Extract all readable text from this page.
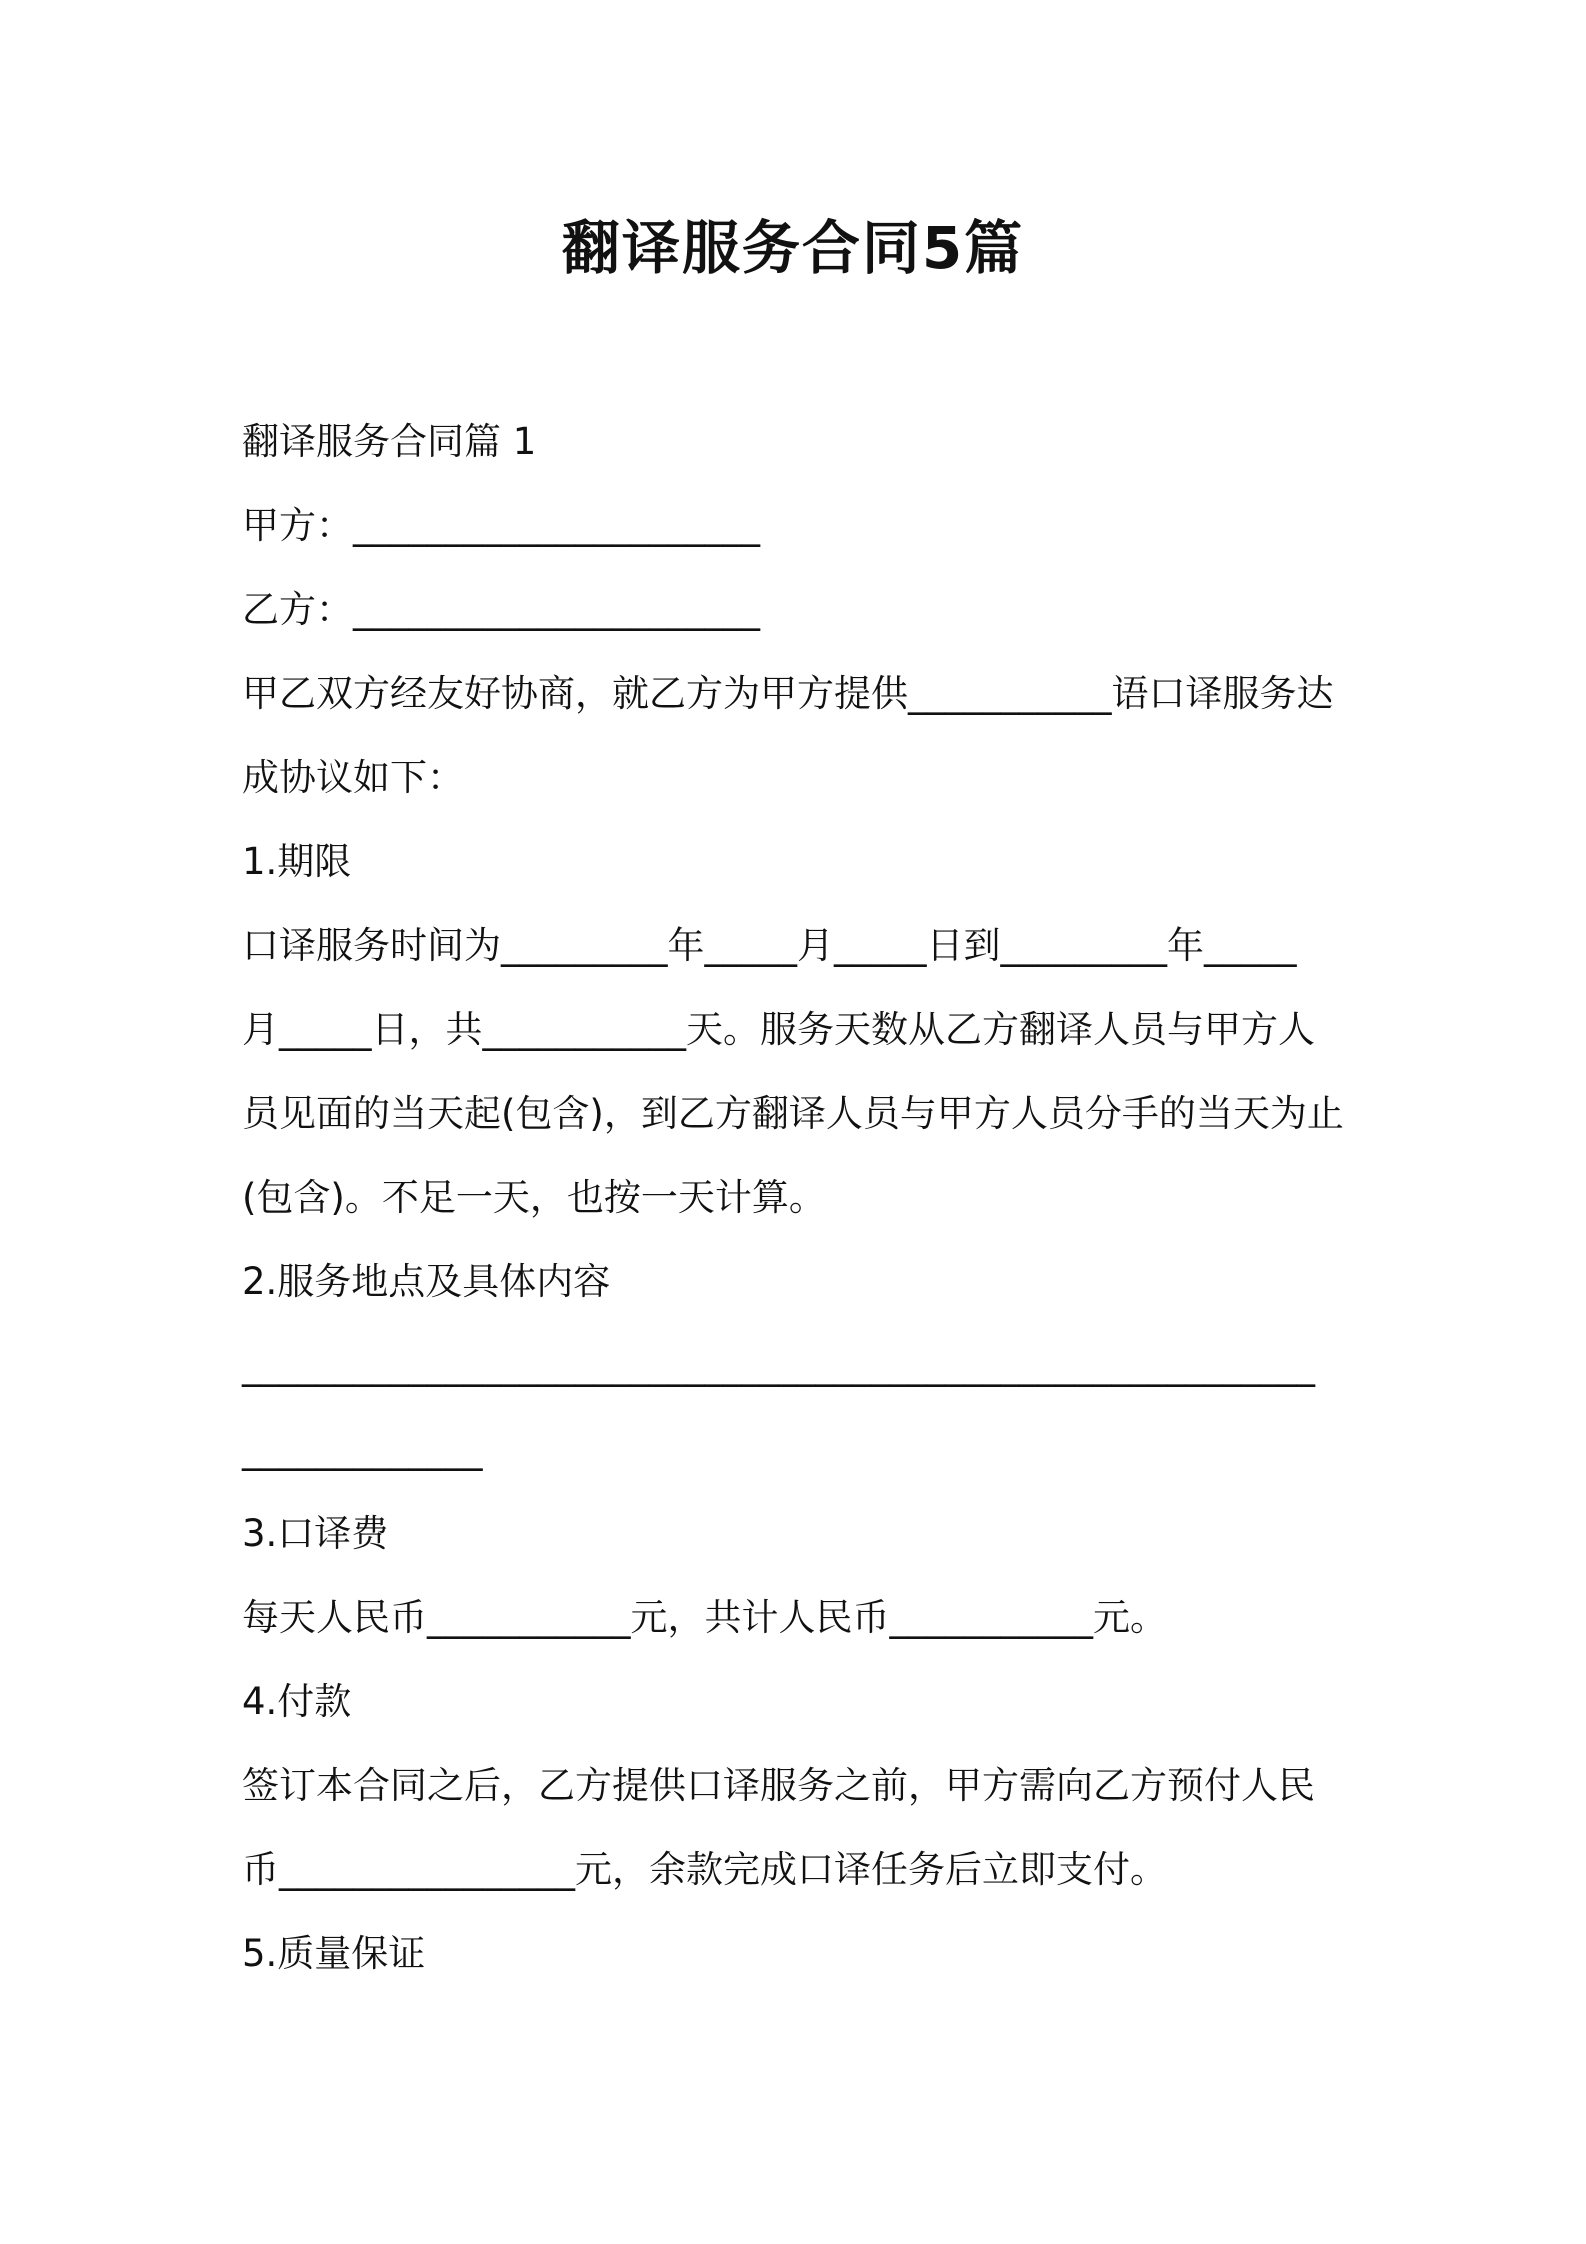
翻译服务合同5篇

翻译服务合同篇 1

甲方：______________________

乙方：______________________

甲乙双方经友好协商，就乙方为甲方提供___________语口译服务达

成协议如下：

1.期限

口译服务时间为_________年_____月_____日到_________年_____

月_____日，共___________天。服务天数从乙方翻译人员与甲方人

员见面的当天起(包含)，到乙方翻译人员与甲方人员分手的当天为止

(包含)。不足一天，也按一天计算。

2.服务地点及具体内容

__________________________________________________________

_____________

3.口译费

每天人民币___________元，共计人民币___________元。

4.付款

签订本合同之后，乙方提供口译服务之前，甲方需向乙方预付人民

币________________元，余款完成口译任务后立即支付。

5.质量保证
